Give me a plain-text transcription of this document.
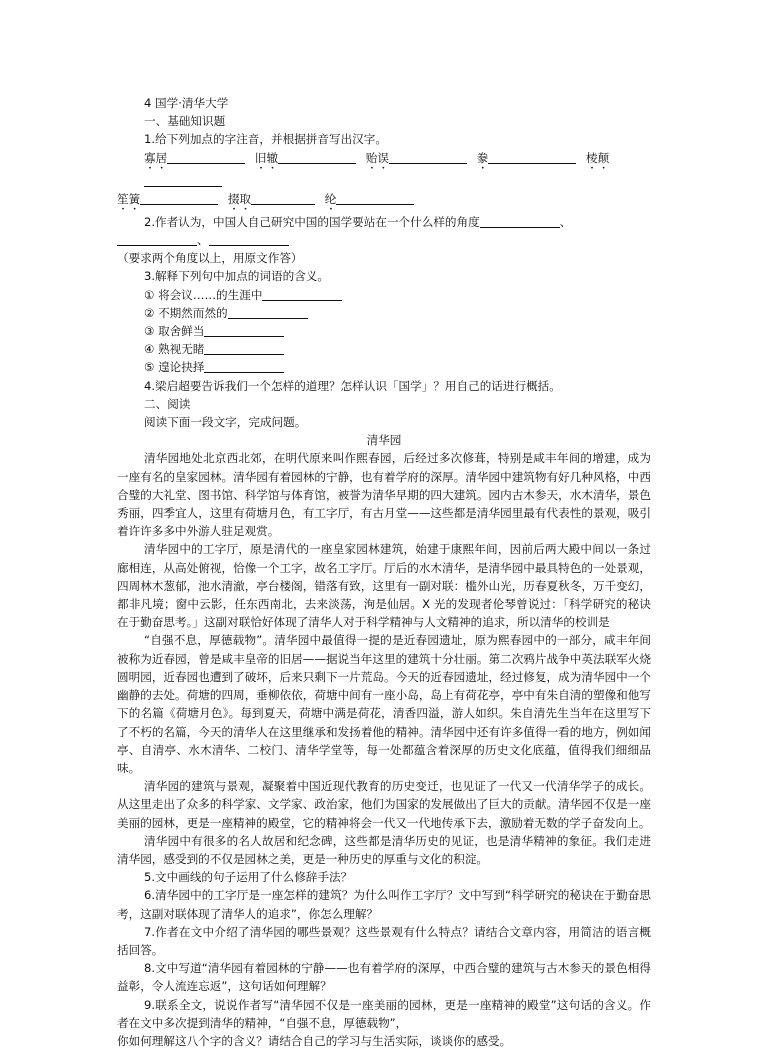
4 国学·清华大学

一、基础知识题

1.给下列加点的字注音，并根据拼音写出汉字。

寡居	旧辙	贻误	豢	棱颠

笙簧	掇取	纶

2.作者认为，中国人自己研究中国的国学要站在一个什么样的角度	、、

（要求两个角度以上，用原文作答）

3.解释下列句中加点的词语的含义。

① 将会议……的生涯中

② 不期然而然的

③ 取舍鲜当

④ 熟视无睹

⑤ 遑论抉择

4.梁启超要告诉我们一个怎样的道理？怎样认识「国学」？用自己的话进行概括。

二、阅读

阅读下面一段文字，完成问题。

清华园

清华园地处北京西北郊，在明代原来叫作熙春园，后经过多次修葺，特别是咸丰年间的增建，成为一座有名的皇家园林。清华园有着园林的宁静，也有着学府的深厚。清华园中建筑物有好几种风格，中西合璧的大礼堂、图书馆、科学馆与体育馆，被誉为清华早期的四大建筑。园内古木参天，水木清华，景色秀丽，四季宜人，这里有荷塘月色，有工字厅，有古月堂——这些都是清华园里最有代表性的景观，吸引着许许多多中外游人驻足观赏。

清华园中的工字厅，原是清代的一座皇家园林建筑，始建于康熙年间，因前后两大殿中间以一条过廊相连，从高处俯视，恰像一个工字，故名工字厅。厅后的水木清华，是清华园中最具特色的一处景观，四周林木葱郁，池水清澈，亭台楼阁，错落有致，这里有一副对联：槛外山光，历春夏秋冬，万千变幻，都非凡境；窗中云影，任东西南北，去来淡荡，洵是仙居。X 光的发现者伦琴曾说过：「科学研究的秘诀在于勤奋思考。」这副对联恰好体现了清华人对于科学精神与人文精神的追求，所以清华的校训是

“自强不息，厚德载物”。清华园中最值得一提的是近春园遗址，原为熙春园中的一部分，咸丰年间被称为近春园，曾是咸丰皇帝的旧居——据说当年这里的建筑十分壮丽。第二次鸦片战争中英法联军火烧圆明园，近春园也遭到了破坏，后来只剩下一片荒岛。今天的近春园遗址，经过修复，成为清华园中一个幽静的去处。荷塘的四周，垂柳依依，荷塘中间有一座小岛，岛上有荷花亭，亭中有朱自清的塑像和他写下的名篇《荷塘月色》。每到夏天，荷塘中满是荷花，清香四溢，游人如织。朱自清先生当年在这里写下了不朽的名篇，今天的清华人在这里继承和发扬着他的精神。清华园中还有许多值得一看的地方，例如闻亭、自清亭、水木清华、二校门、清华学堂等，每一处都蕴含着深厚的历史文化底蕴，值得我们细细品味。

清华园的建筑与景观，凝聚着中国近现代教育的历史变迁，也见证了一代又一代清华学子的成长。从这里走出了众多的科学家、文学家、政治家，他们为国家的发展做出了巨大的贡献。清华园不仅是一座美丽的园林，更是一座精神的殿堂，它的精神将会一代又一代地传承下去，激励着无数的学子奋发向上。

清华园中有很多的名人故居和纪念碑，这些都是清华历史的见证，也是清华精神的象征。我们走进清华园，感受到的不仅是园林之美，更是一种历史的厚重与文化的积淀。

5.文中画线的句子运用了什么修辞手法？

6.清华园中的工字厅是一座怎样的建筑？为什么叫作工字厅？文中写到“科学研究的秘诀在于勤奋思考，这副对联体现了清华人的追求”，你怎么理解？

7.作者在文中介绍了清华园的哪些景观？这些景观有什么特点？请结合文章内容，用简洁的语言概括回答。

8.文中写道“清华园有着园林的宁静——也有着学府的深厚，中西合璧的建筑与古木参天的景色相得益彰，令人流连忘返”，这句话如何理解？

9.联系全文，说说作者写“清华园不仅是一座美丽的园林，更是一座精神的殿堂”这句话的含义。作者在文中多次提到清华的精神，“自强不息，厚德载物”，

你如何理解这八个字的含义？请结合自己的学习与生活实际，谈谈你的感受。
